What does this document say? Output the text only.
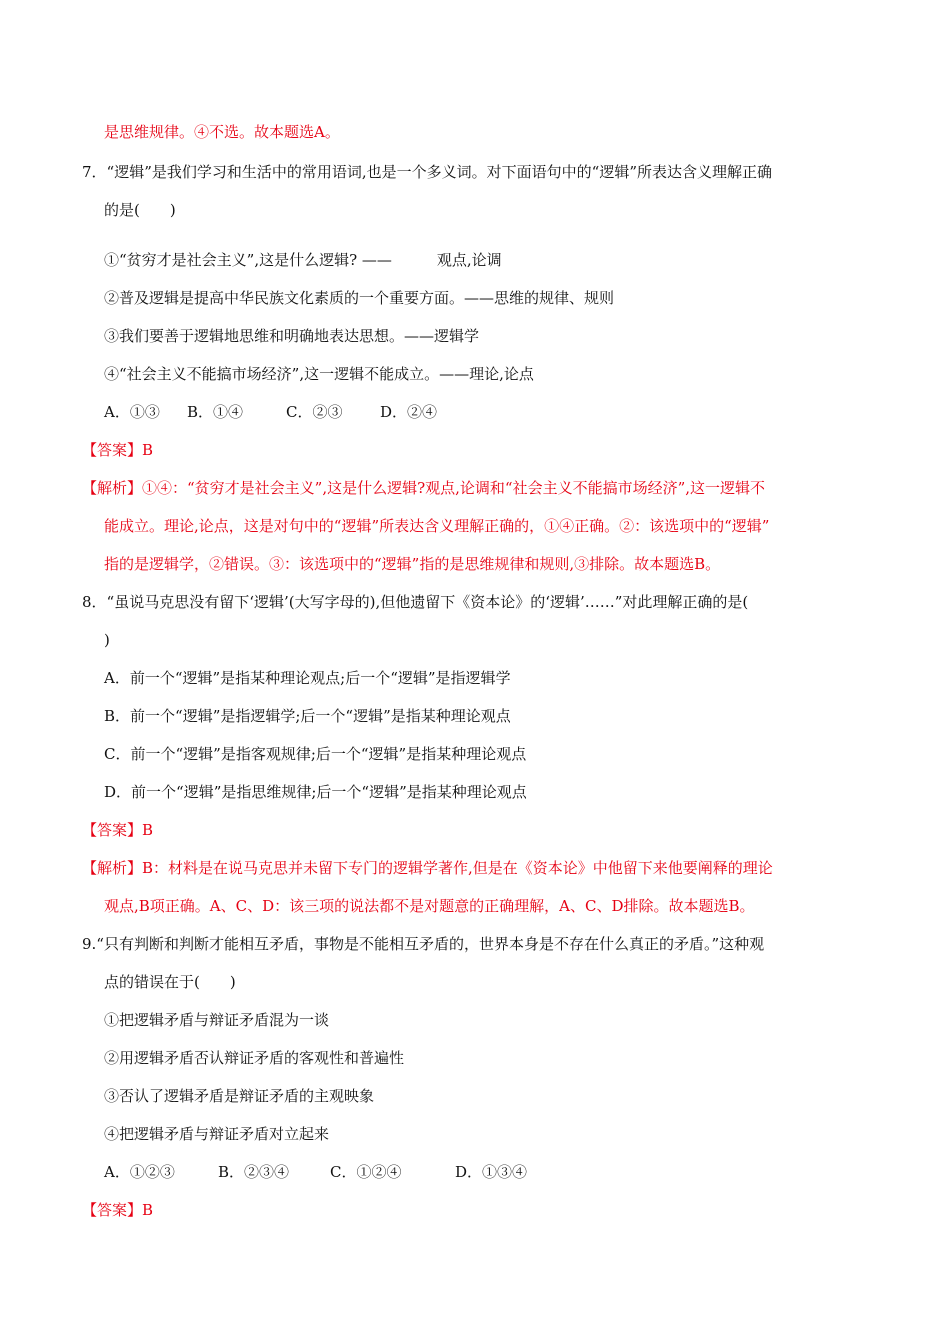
是思维规律。④不选。故本题选A。
7．“逻辑”是我们学习和生活中的常用语词,也是一个多义词。对下面语句中的“逻辑”所表达含义理解正确
的是(　　)
①“贫穷才是社会主义”,这是什么逻辑? ——　　　观点,论调
②普及逻辑是提高中华民族文化素质的一个重要方面。——思维的规律、规则
③我们要善于逻辑地思维和明确地表达思想。——逻辑学
④“社会主义不能搞市场经济”,这一逻辑不能成立。——理论,论点
A．①③ B．①④	C．②③	D．②④
【答案】B
【解析】①④：“贫穷才是社会主义”,这是什么逻辑?观点,论调和“社会主义不能搞市场经济”,这一逻辑不
能成立。理论,论点，这是对句中的“逻辑”所表达含义理解正确的，①④正确。②：该选项中的“逻辑”
指的是逻辑学，②错误。③：该选项中的“逻辑”指的是思维规律和规则,③排除。故本题选B。
8．“虽说马克思没有留下‘逻辑’(大写字母的),但他遗留下《资本论》的‘逻辑’……”对此理解正确的是(
)
A．前一个“逻辑”是指某种理论观点;后一个“逻辑”是指逻辑学
B．前一个“逻辑”是指逻辑学;后一个“逻辑”是指某种理论观点
C．前一个“逻辑”是指客观规律;后一个“逻辑”是指某种理论观点
D．前一个“逻辑”是指思维规律;后一个“逻辑”是指某种理论观点
【答案】B
【解析】B：材料是在说马克思并未留下专门的逻辑学著作,但是在《资本论》中他留下来他要阐释的理论
观点,B项正确。A、C、D：该三项的说法都不是对题意的正确理解，A、C、D排除。故本题选B。
9.“只有判断和判断才能相互矛盾，事物是不能相互矛盾的，世界本身是不存在什么真正的矛盾。”这种观
点的错误在于(　　)
①把逻辑矛盾与辩证矛盾混为一谈
②用逻辑矛盾否认辩证矛盾的客观性和普遍性
③否认了逻辑矛盾是辩证矛盾的主观映象
④把逻辑矛盾与辩证矛盾对立起来
A．①②③	B．②③④	C．①②④	D．①③④
【答案】B
